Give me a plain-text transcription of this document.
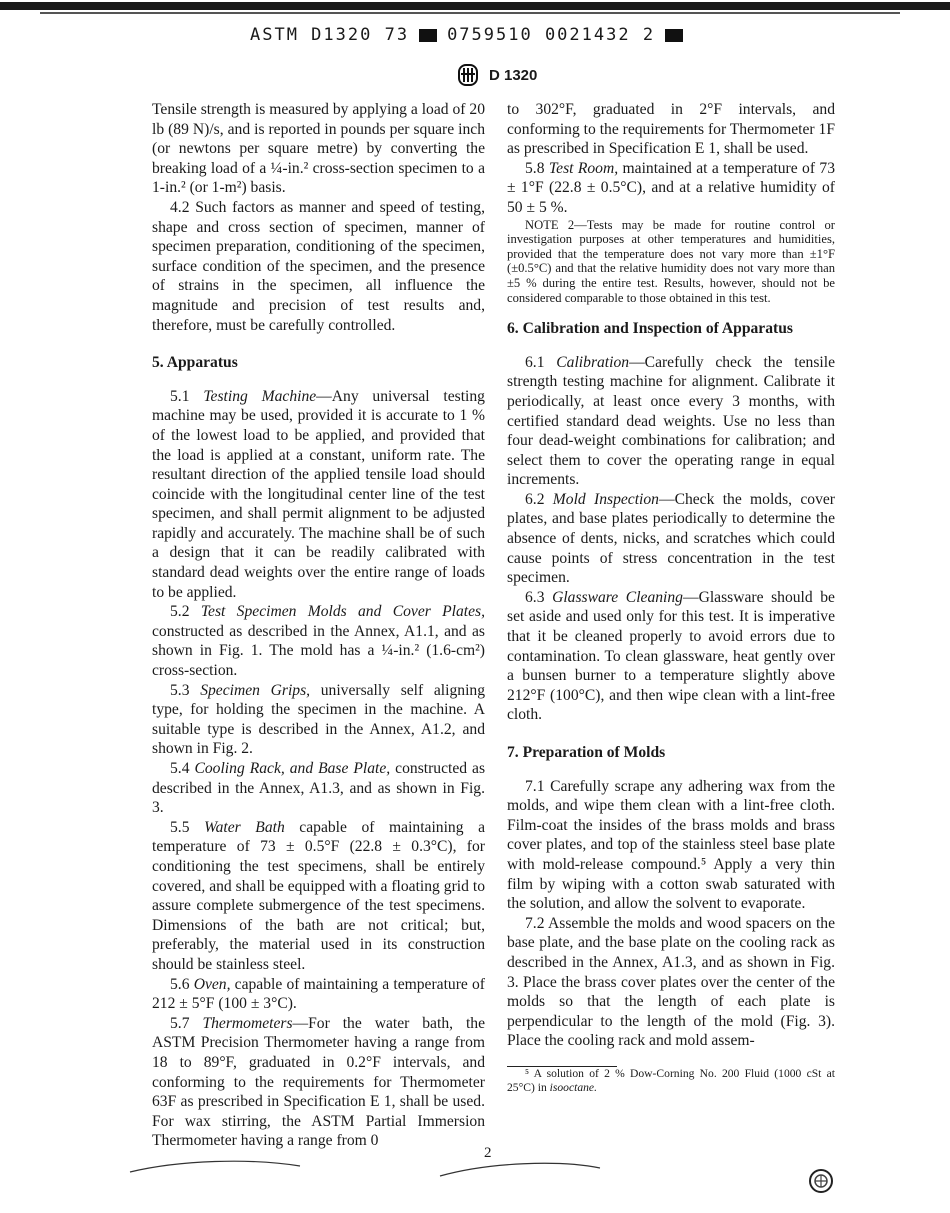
ASTM D1320 73 0759510 0021432 2
D 1320

Tensile strength is measured by applying a load of 20 lb (89 N)/s, and is reported in pounds per square inch (or newtons per square metre) by converting the breaking load of a ¼-in.² cross-section specimen to a 1-in.² (or 1-m²) basis.

4.2 Such factors as manner and speed of testing, shape and cross section of specimen, manner of specimen preparation, conditioning of the specimen, surface condition of the specimen, and the presence of strains in the specimen, all influence the magnitude and precision of test results and, therefore, must be carefully controlled.

5. Apparatus

5.1 Testing Machine—Any universal testing machine may be used, provided it is accurate to 1 % of the lowest load to be applied, and provided that the load is applied at a constant, uniform rate. The resultant direction of the applied tensile load should coincide with the longitudinal center line of the test specimen, and shall permit alignment to be adjusted rapidly and accurately. The machine shall be of such a design that it can be readily calibrated with standard dead weights over the entire range of loads to be applied.

5.2 Test Specimen Molds and Cover Plates, constructed as described in the Annex, A1.1, and as shown in Fig. 1. The mold has a ¼-in.² (1.6-cm²) cross-section.

5.3 Specimen Grips, universally self aligning type, for holding the specimen in the machine. A suitable type is described in the Annex, A1.2, and shown in Fig. 2.

5.4 Cooling Rack, and Base Plate, constructed as described in the Annex, A1.3, and as shown in Fig. 3.

5.5 Water Bath capable of maintaining a temperature of 73 ± 0.5°F (22.8 ± 0.3°C), for conditioning the test specimens, shall be entirely covered, and shall be equipped with a floating grid to assure complete submergence of the test specimens. Dimensions of the bath are not critical; but, preferably, the material used in its construction should be stainless steel.

5.6 Oven, capable of maintaining a temperature of 212 ± 5°F (100 ± 3°C).

5.7 Thermometers—For the water bath, the ASTM Precision Thermometer having a range from 18 to 89°F, graduated in 0.2°F intervals, and conforming to the requirements for Thermometer 63F as prescribed in Specification E 1, shall be used. For wax stirring, the ASTM Partial Immersion Thermometer having a range from 0

to 302°F, graduated in 2°F intervals, and conforming to the requirements for Thermometer 1F as prescribed in Specification E 1, shall be used.

5.8 Test Room, maintained at a temperature of 73 ± 1°F (22.8 ± 0.5°C), and at a relative humidity of 50 ± 5 %.

NOTE 2—Tests may be made for routine control or investigation purposes at other temperatures and humidities, provided that the temperature does not vary more than ±1°F (±0.5°C) and that the relative humidity does not vary more than ±5 % during the entire test. Results, however, should not be considered comparable to those obtained in this test.

6. Calibration and Inspection of Apparatus

6.1 Calibration—Carefully check the tensile strength testing machine for alignment. Calibrate it periodically, at least once every 3 months, with certified standard dead weights. Use no less than four dead-weight combinations for calibration; and select them to cover the operating range in equal increments.

6.2 Mold Inspection—Check the molds, cover plates, and base plates periodically to determine the absence of dents, nicks, and scratches which could cause points of stress concentration in the test specimen.

6.3 Glassware Cleaning—Glassware should be set aside and used only for this test. It is imperative that it be cleaned properly to avoid errors due to contamination. To clean glassware, heat gently over a bunsen burner to a temperature slightly above 212°F (100°C), and then wipe clean with a lint-free cloth.

7. Preparation of Molds

7.1 Carefully scrape any adhering wax from the molds, and wipe them clean with a lint-free cloth. Film-coat the insides of the brass molds and brass cover plates, and top of the stainless steel base plate with mold-release compound.⁵ Apply a very thin film by wiping with a cotton swab saturated with the solution, and allow the solvent to evaporate.

7.2 Assemble the molds and wood spacers on the base plate, and the base plate on the cooling rack as described in the Annex, A1.3, and as shown in Fig. 3. Place the brass cover plates over the center of the molds so that the length of each plate is perpendicular to the length of the mold (Fig. 3). Place the cooling rack and mold assem-

⁵ A solution of 2 % Dow-Corning No. 200 Fluid (1000 cSt at 25°C) in isooctane.

2
